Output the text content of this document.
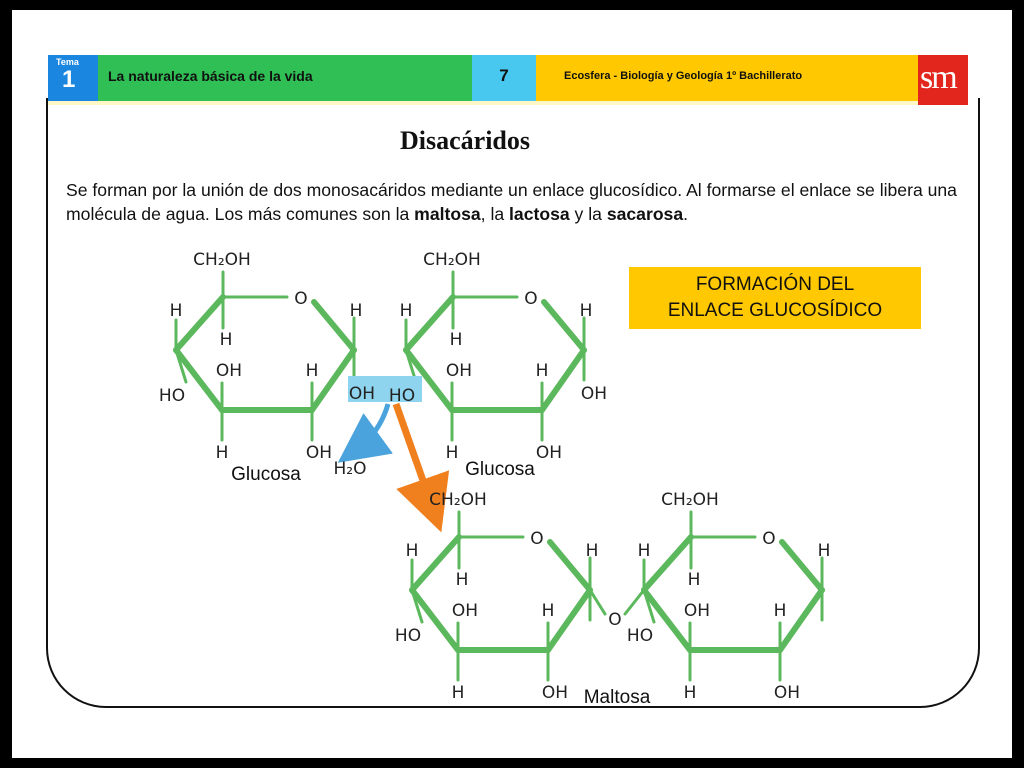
Tema
1 La naturaleza básica de la vida	7	Ecosfera - Biología y Geología 1º Bachillerato	sm
Disacáridos
Se forman por la unión de dos monosacáridos mediante un enlace glucosídico. Al formarse el enlace se libera una molécula de agua. Los más comunes son la maltosa, la lactosa y la sacarosa.
FORMACIÓN DEL
ENLACE GLUCOSÍDICO
CH₂OH
O
H
H
HO
OH
H
H
OH
H
OH
CH₂OH
O
H
H
HO
OH
H
H
OH
H
OH
Glucosa	Glucosa
H₂O
CH₂OH
O
H
H
HO
OH
H
H
OH
H
CH₂OH
O
H
H
HO
OH
H
H
OH
H
O
Maltosa
